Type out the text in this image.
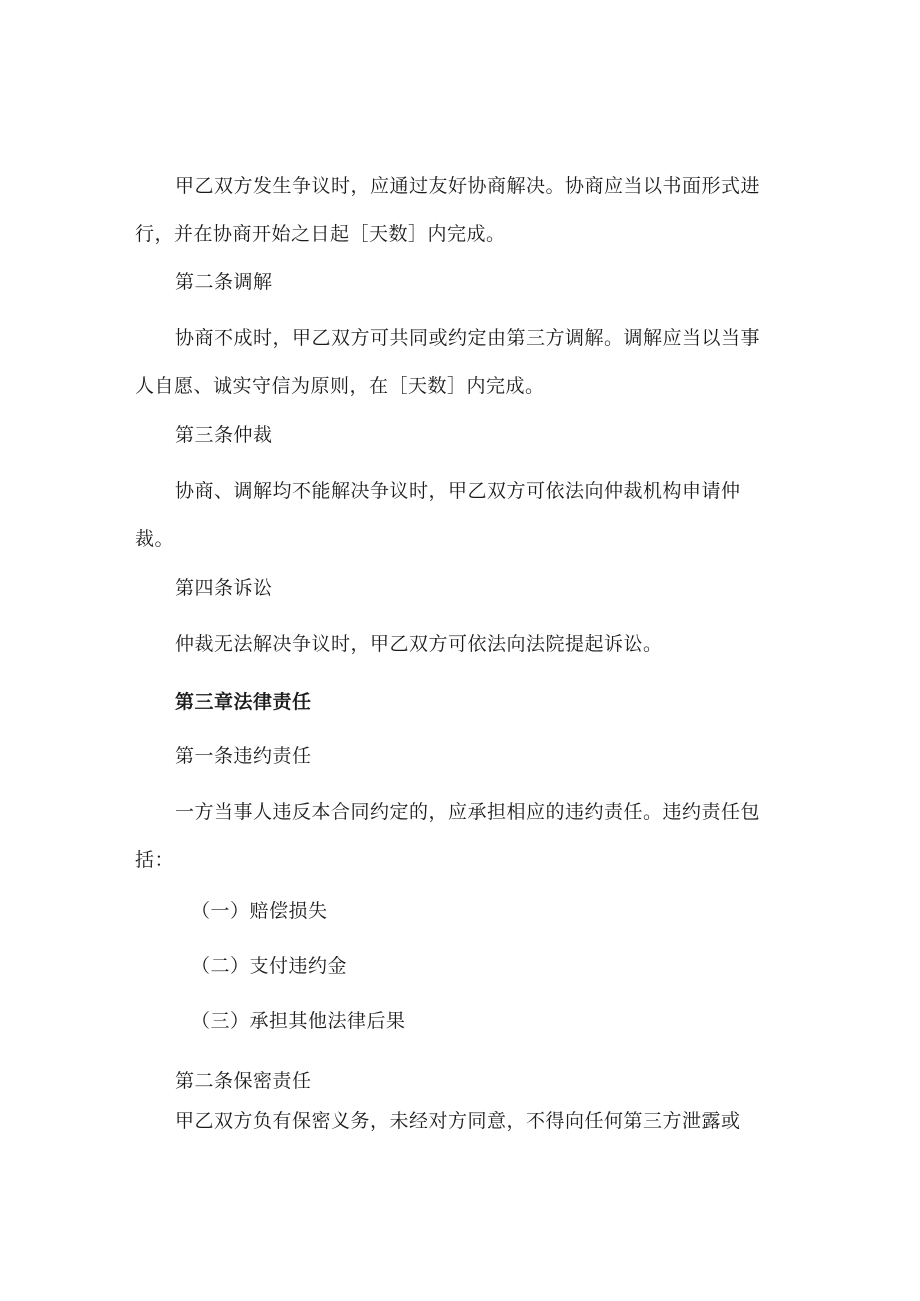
甲乙双方发生争议时，应通过友好协商解决。协商应当以书面形式进行，并在协商开始之日起［天数］内完成。
第二条调解
协商不成时，甲乙双方可共同或约定由第三方调解。调解应当以当事人自愿、诚实守信为原则，在［天数］内完成。
第三条仲裁
协商、调解均不能解决争议时，甲乙双方可依法向仲裁机构申请仲裁。
第四条诉讼
仲裁无法解决争议时，甲乙双方可依法向法院提起诉讼。
第三章法律责任
第一条违约责任
一方当事人违反本合同约定的，应承担相应的违约责任。违约责任包括：
（一）赔偿损失
（二）支付违约金
（三）承担其他法律后果
第二条保密责任
甲乙双方负有保密义务，未经对方同意，不得向任何第三方泄露或
